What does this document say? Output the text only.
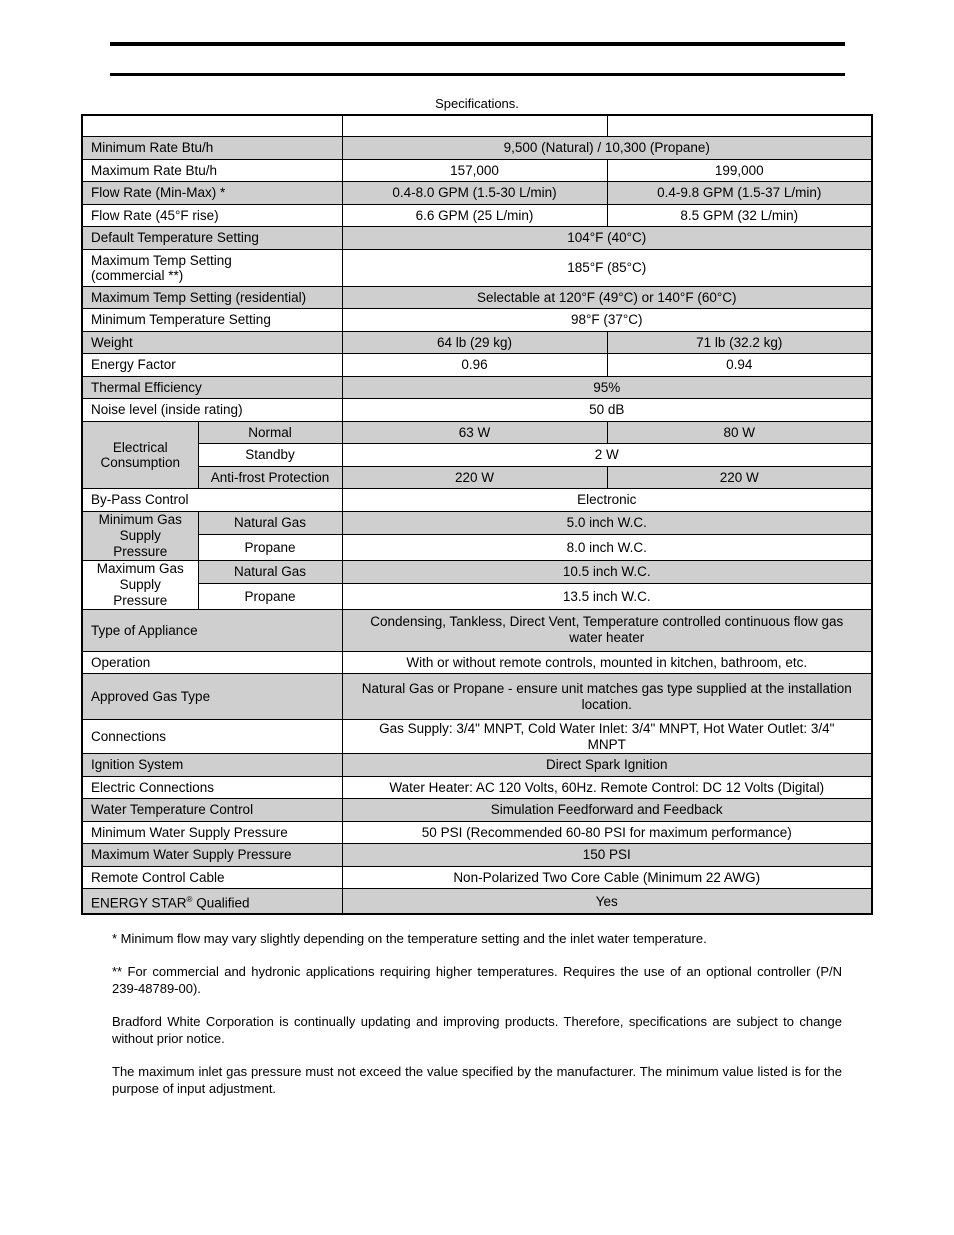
Specifications.

Minimum Rate Btu/h		9,500 (Natural) / 10,300 (Propane)	
Maximum Rate Btu/h		157,000	199,000
Flow Rate (Min-Max) *		0.4-8.0 GPM (1.5-30 L/min)	0.4-9.8 GPM (1.5-37 L/min)
Flow Rate (45°F rise)		6.6 GPM (25 L/min)	8.5 GPM (32 L/min)
Default Temperature Setting		104°F (40°C)	
Maximum Temp Setting
(commercial **)		185°F (85°C)	
Maximum Temp Setting (residential)		Selectable at 120°F (49°C) or 140°F (60°C)	
Minimum Temperature Setting		98°F (37°C)	
Weight		64 lb (29 kg)	71 lb (32.2 kg)
Energy Factor		0.96	0.94
Thermal Efficiency		95%	
Noise level (inside rating)		50 dB	
Electrical
Consumption	Normal	63 W	80 W
	Standby	2 W	
	Anti-frost Protection	220 W	220 W
By-Pass Control		Electronic	
Minimum Gas
Supply
Pressure	Natural Gas	5.0 inch W.C.	
	Propane	8.0 inch W.C.	
Maximum Gas
Supply
Pressure	Natural Gas	10.5 inch W.C.	
	Propane	13.5 inch W.C.	
Type of Appliance		Condensing, Tankless, Direct Vent, Temperature controlled continuous flow gas
water heater	
Operation		With or without remote controls, mounted in kitchen, bathroom, etc.	
Approved Gas Type		Natural Gas or Propane - ensure unit matches gas type supplied at the installation
location.	
Connections		Gas Supply: 3/4" MNPT, Cold Water Inlet: 3/4" MNPT, Hot Water Outlet: 3/4"
MNPT	
Ignition System		Direct Spark Ignition	
Electric Connections		Water Heater: AC 120 Volts, 60Hz. Remote Control: DC 12 Volts (Digital)	
Water Temperature Control		Simulation Feedforward and Feedback	
Minimum Water Supply Pressure		50 PSI (Recommended 60-80 PSI for maximum performance)	
Maximum Water Supply Pressure		150 PSI	
Remote Control Cable		Non-Polarized Two Core Cable (Minimum 22 AWG)	
ENERGY STAR® Qualified		Yes	

* Minimum flow may vary slightly depending on the temperature setting and the inlet water temperature.

** For commercial and hydronic applications requiring higher temperatures. Requires the use of an optional controller (P/N 239-48789-00).

Bradford White Corporation is continually updating and improving products. Therefore, specifications are subject to change without prior notice.

The maximum inlet gas pressure must not exceed the value specified by the manufacturer. The minimum value listed is for the purpose of input adjustment.
